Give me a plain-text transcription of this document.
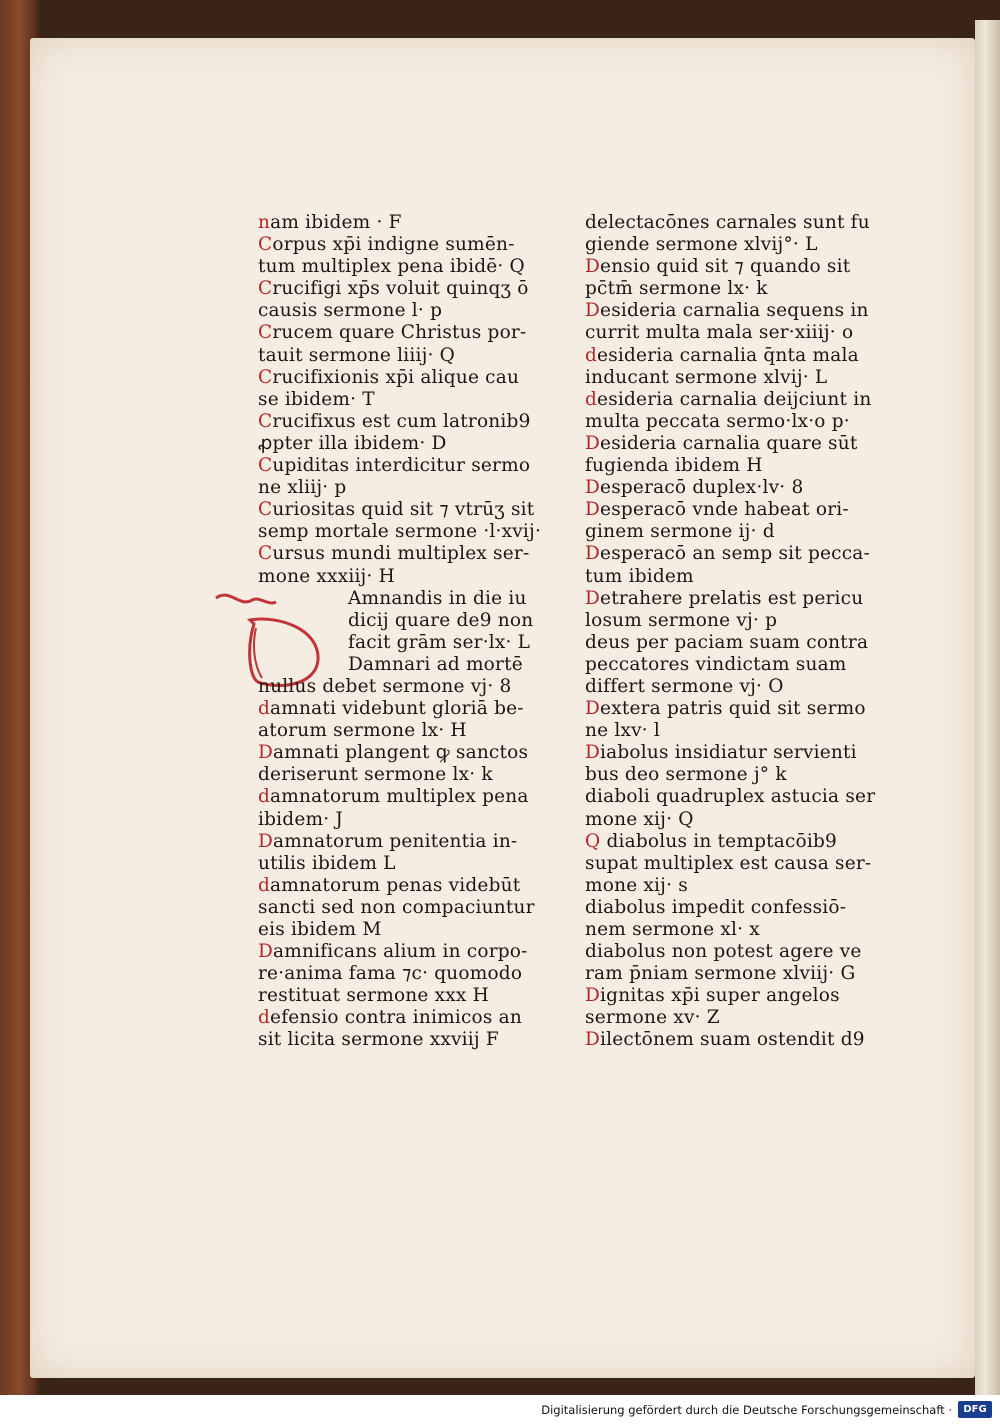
nam ibidem · F
Corpus xp̄i indigne sumēn-
tum multiplex pena ibidē· Q
Crucifigi xp̄s voluit quinqʒ ō
causis sermone l· p
Crucem quare Christus por-
tauit sermone liiij· Q
Crucifixionis xp̄i alique cau
se ibidem· T
Crucifixus est cum latronib9
ꝓpter illa ibidem· D
Cupiditas interdicitur sermo
ne xliij· p
Curiositas quid sit ⁊ vtrūʒ sit
semp mortale sermone ·l·xvij·
Cursus mundi multiplex ser-
mone xxxiij· H
Amnandis in die iu
dicij quare de9 non
facit grām ser·lx· L
Damnari ad mortē
nullus debet sermone vj· 8
damnati videbunt gloriā be-
atorum sermone lx· H
Damnati plangent ꝙ sanctos
deriserunt sermone lx· k
damnatorum multiplex pena
ibidem· J
Damnatorum penitentia in-
utilis ibidem L
damnatorum penas videbūt
sancti sed non compaciuntur
eis ibidem M
Damnificans alium in corpo-
re·anima fama ⁊c· quomodo
restituat sermone xxx H
defensio contra inimicos an
sit licita sermone xxviij F
delectacōnes carnales sunt fu
giende sermone xlvij°· L
Densio quid sit ⁊ quando sit
pc̄tm̄ sermone lx· k
Desideria carnalia sequens in
currit multa mala ser·xiiij· o
desideria carnalia q̄nta mala
inducant sermone xlvij· L
desideria carnalia deijciunt in
multa peccata sermo·lx·o p·
Desideria carnalia quare sūt
fugienda ibidem H
Desperacō duplex·lv· 8
Desperacō vnde habeat ori-
ginem sermone ij· d
Desperacō an semp sit pecca-
tum ibidem
Detrahere prelatis est pericu
losum sermone vj· p
deus per paciam suam contra
peccatores vindictam suam
differt sermone vj· O
Dextera patris quid sit sermo
ne lxv· l
Diabolus insidiatur servienti
bus deo sermone j° k
diaboli quadruplex astucia ser
mone xij· Q
Q diabolus in temptacōib9
supat multiplex est causa ser-
mone xij· s
diabolus impedit confessiō-
nem sermone xl· x
diabolus non potest agere ve
ram p̄niam sermone xlviij· G
Dignitas xp̄i super angelos
sermone xv· Z
Dilectōnem suam ostendit d9
Digitalisierung gefördert durch die Deutsche Forschungsgemeinschaft ·	DFG
